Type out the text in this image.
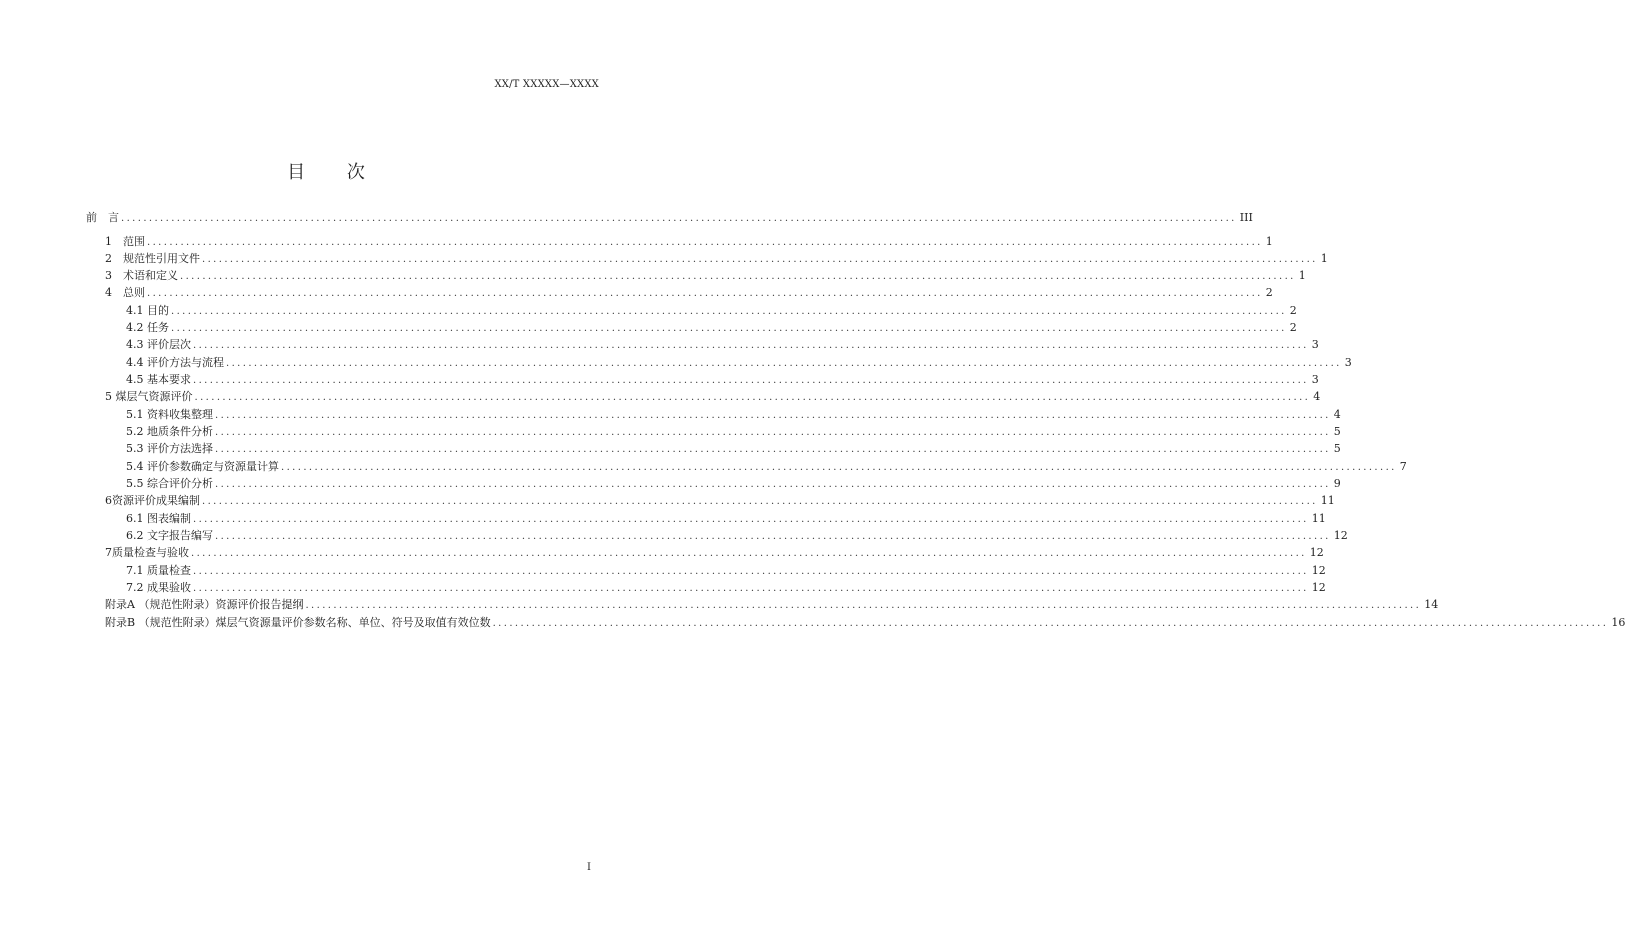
XX/T XXXXX—XXXX
目 次
前　言 ........................................................................................................................................................................................................ III
1　范围 ........................................................................................................................................................................................................ 1
2　规范性引用文件 ........................................................................................................................................................................................................ 1
3　术语和定义 ........................................................................................................................................................................................................ 1
4　总则 ........................................................................................................................................................................................................ 2
4.1 目的 ........................................................................................................................................................................................................ 2
4.2 任务 ........................................................................................................................................................................................................ 2
4.3 评价层次 ........................................................................................................................................................................................................ 3
4.4 评价方法与流程 ........................................................................................................................................................................................................ 3
4.5 基本要求 ........................................................................................................................................................................................................ 3
5 煤层气资源评价 ........................................................................................................................................................................................................ 4
5.1 资料收集整理 ........................................................................................................................................................................................................ 4
5.2 地质条件分析 ........................................................................................................................................................................................................ 5
5.3 评价方法选择 ........................................................................................................................................................................................................ 5
5.4 评价参数确定与资源量计算 ........................................................................................................................................................................................................ 7
5.5 综合评价分析 ........................................................................................................................................................................................................ 9
6资源评价成果编制 ........................................................................................................................................................................................................ 11
6.1 图表编制 ........................................................................................................................................................................................................ 11
6.2 文字报告编写 ........................................................................................................................................................................................................ 12
7质量检查与验收 ........................................................................................................................................................................................................ 12
7.1 质量检查 ........................................................................................................................................................................................................ 12
7.2 成果验收 ........................................................................................................................................................................................................ 12
附录A （规范性附录）资源评价报告提纲 ........................................................................................................................................................................................................ 14
附录B （规范性附录）煤层气资源量评价参数名称、单位、符号及取值有效位数 ........................................................................................................................................................................................................ 16
I
